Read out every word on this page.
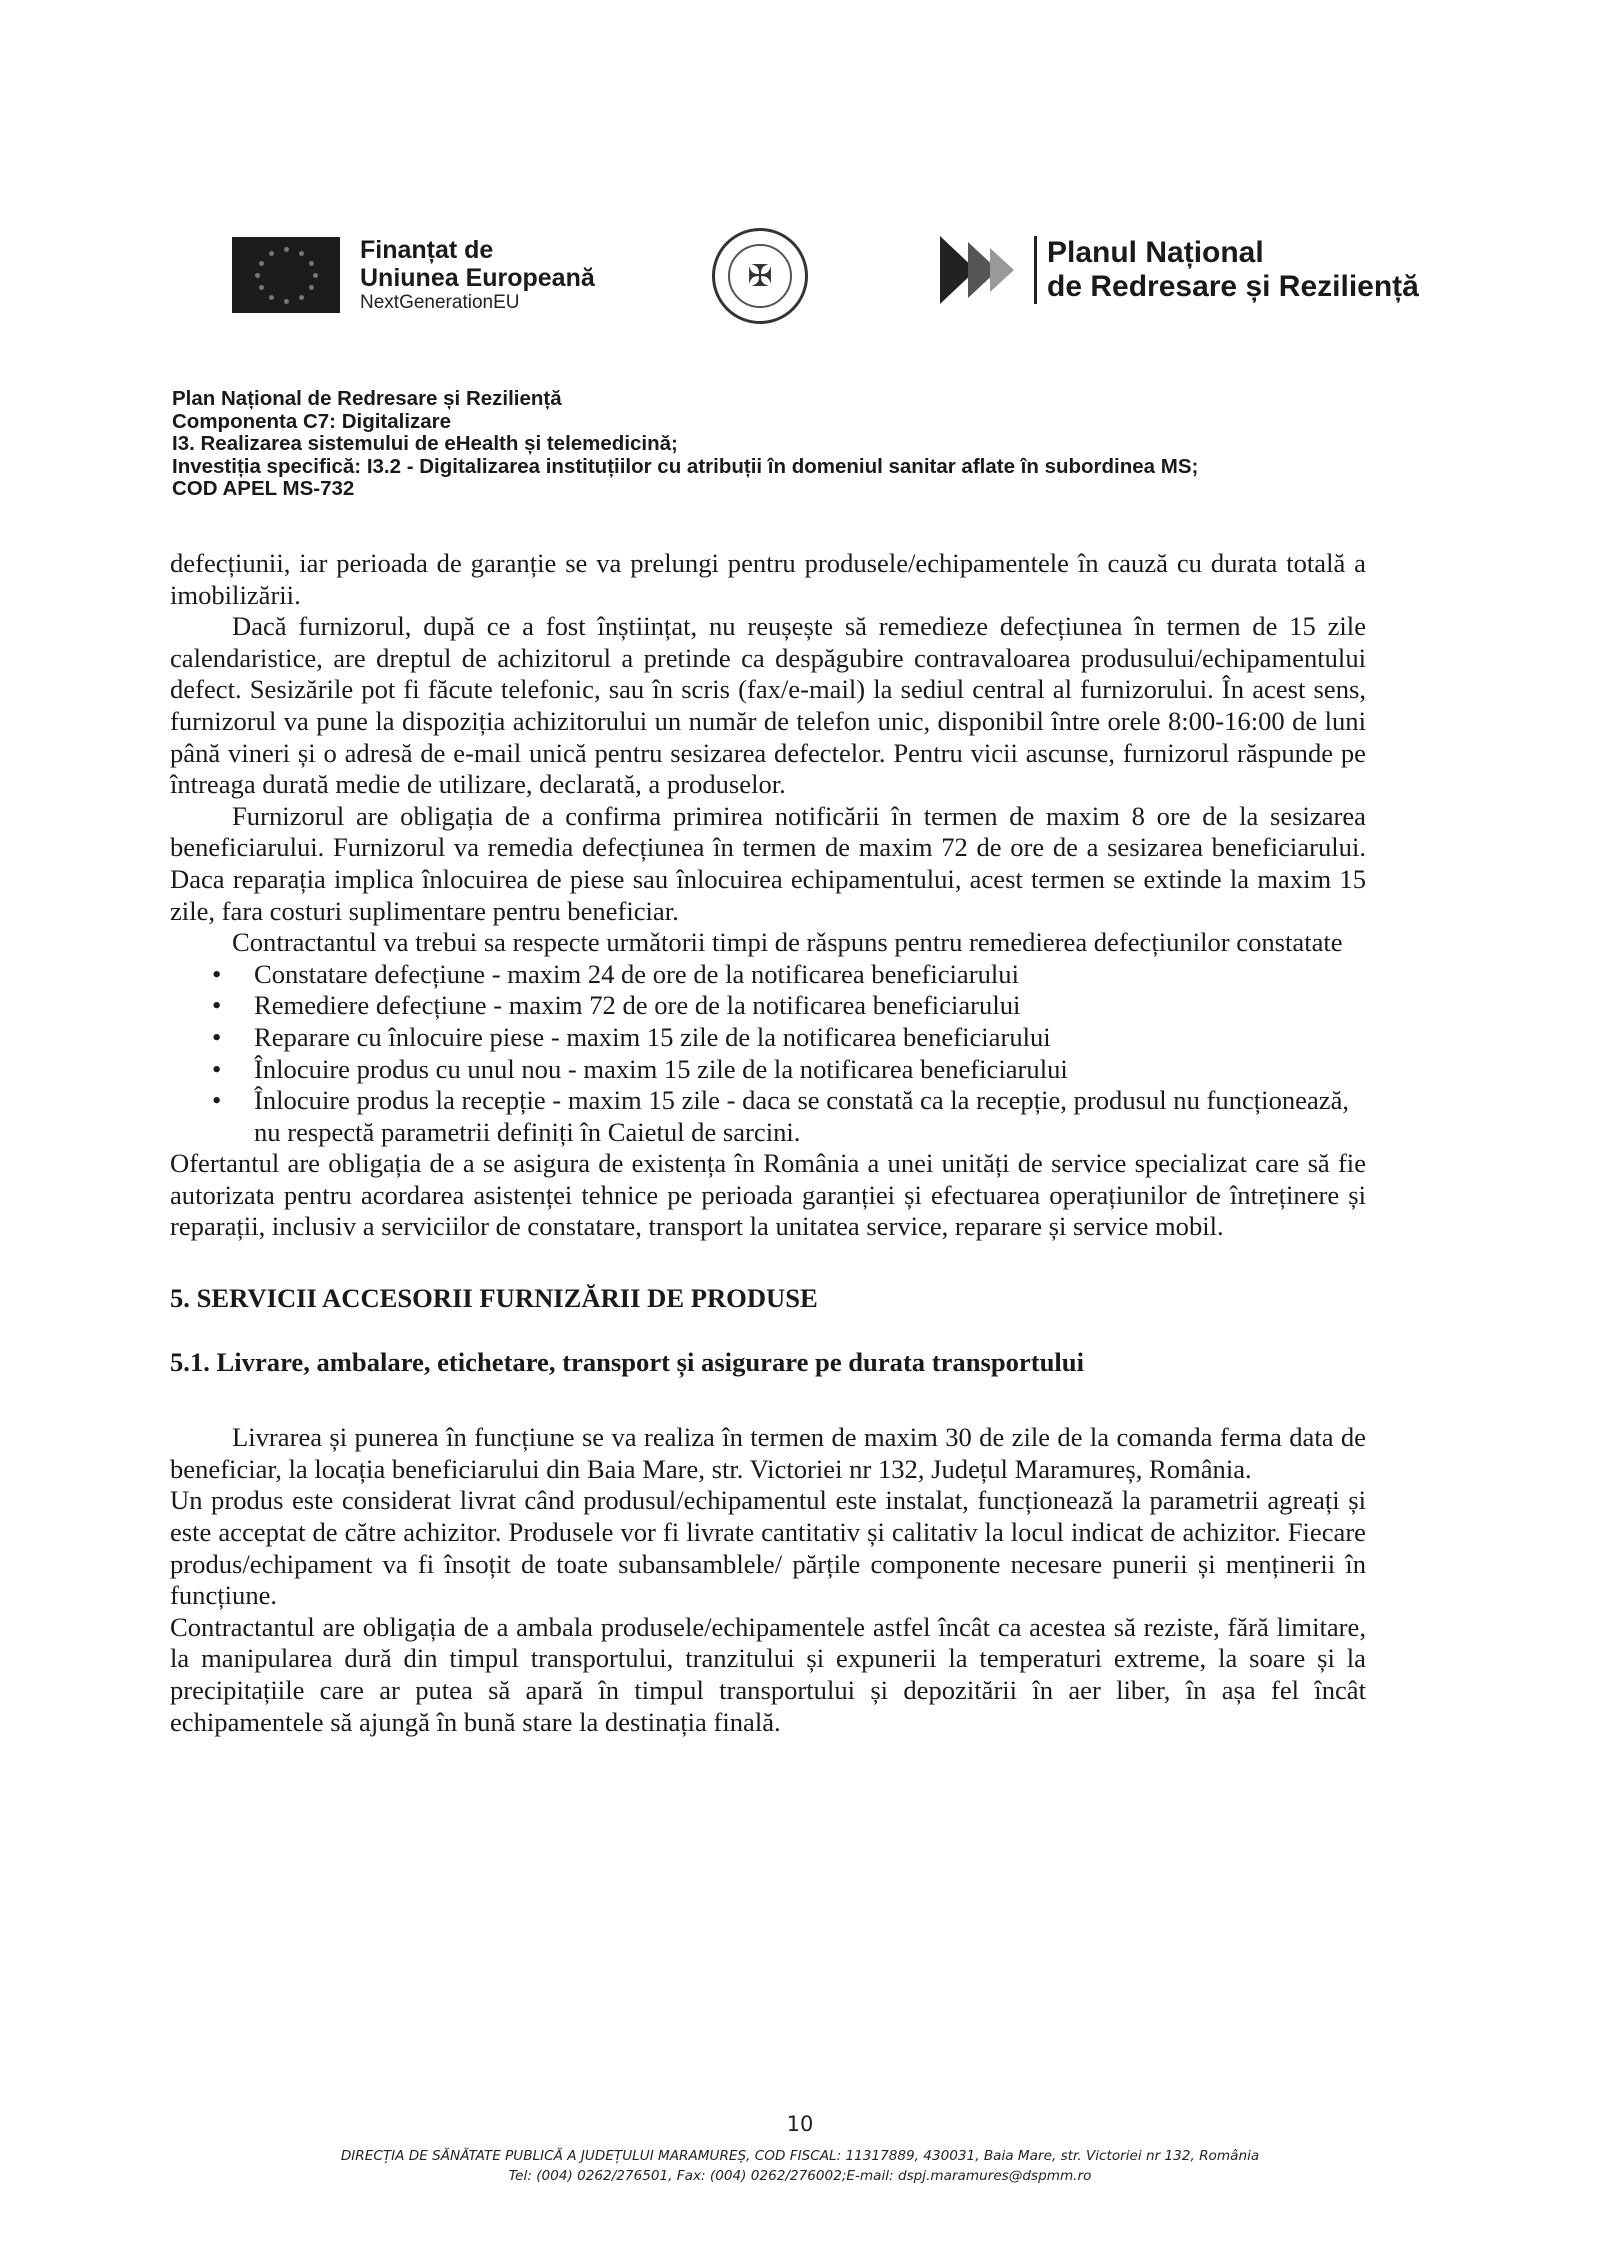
Finanțat de
Uniunea Europeană
NextGenerationEU
✠
Planul Național
de Redresare și Reziliență
Plan Național de Redresare și Reziliență
Componenta C7: Digitalizare
I3. Realizarea sistemului de eHealth și telemedicină;
Investiția specifică: I3.2 - Digitalizarea instituțiilor cu atribuții în domeniul sanitar aflate în subordinea MS;
COD APEL MS-732

defecțiunii, iar perioada de garanție se va prelungi pentru produsele/echipamentele în cauză cu durata totală a imobilizării.

Dacă furnizorul, după ce a fost înștiințat, nu reușește să remedieze defecțiunea în termen de 15 zile calendaristice, are dreptul de achizitorul a pretinde ca despăgubire contravaloarea produsului/echipamentului defect. Sesizările pot fi făcute telefonic, sau în scris (fax/e-mail) la sediul central al furnizorului. În acest sens, furnizorul va pune la dispoziția achizitorului un număr de telefon unic, disponibil între orele 8:00-16:00 de luni până vineri și o adresă de e-mail unică pentru sesizarea defectelor. Pentru vicii ascunse, furnizorul răspunde pe întreaga durată medie de utilizare, declarată, a produselor.

Furnizorul are obligația de a confirma primirea notificării în termen de maxim 8 ore de la sesizarea beneficiarului. Furnizorul va remedia defecțiunea în termen de maxim 72 de ore de a sesizarea beneficiarului. Daca reparația implica înlocuirea de piese sau înlocuirea echipamentului, acest termen se extinde la maxim 15 zile, fara costuri suplimentare pentru beneficiar.

Contractantul va trebui sa respecte urmǎtorii timpi de rǎspuns pentru remedierea defecțiunilor constatate

• Constatare defecțiune - maxim 24 de ore de la notificarea beneficiarului
• Remediere defecțiune - maxim 72 de ore de la notificarea beneficiarului
• Reparare cu înlocuire piese - maxim 15 zile de la notificarea beneficiarului
• Înlocuire produs cu unul nou - maxim 15 zile de la notificarea beneficiarului
• Înlocuire produs la recepție - maxim 15 zile - daca se constată ca la recepție, produsul nu funcționează, nu respectă parametrii definiți în Caietul de sarcini.

Ofertantul are obligația de a se asigura de existența în România a unei unități de service specializat care să fie autorizata pentru acordarea asistenței tehnice pe perioada garanției și efectuarea operațiunilor de întreținere și reparații, inclusiv a serviciilor de constatare, transport la unitatea service, reparare și service mobil.

5. SERVICII ACCESORII FURNIZĂRII DE PRODUSE
5.1. Livrare, ambalare, etichetare, transport și asigurare pe durata transportului

Livrarea și punerea în funcțiune se va realiza în termen de maxim 30 de zile de la comanda ferma data de beneficiar, la locația beneficiarului din Baia Mare, str. Victoriei nr 132, Județul Maramureș, România.

Un produs este considerat livrat când produsul/echipamentul este instalat, funcționează la parametrii agreați și este acceptat de către achizitor. Produsele vor fi livrate cantitativ și calitativ la locul indicat de achizitor. Fiecare produs/echipament va fi însoțit de toate subansamblele/ părțile componente necesare punerii și menținerii în funcțiune.

Contractantul are obligația de a ambala produsele/echipamentele astfel încât ca acestea să reziste, fără limitare, la manipularea dură din timpul transportului, tranzitului și expunerii la temperaturi extreme, la soare și la precipitațiile care ar putea să apară în timpul transportului și depozitării în aer liber, în așa fel încât echipamentele să ajungă în bună stare la destinația finală.

10
DIRECȚIA DE SĂNĂTATE PUBLICĂ A JUDEȚULUI MARAMUREȘ, COD FISCAL: 11317889, 430031, Baia Mare, str. Victoriei nr 132, România
Tel: (004) 0262/276501, Fax: (004) 0262/276002;E-mail: dspj.maramures@dspmm.ro
